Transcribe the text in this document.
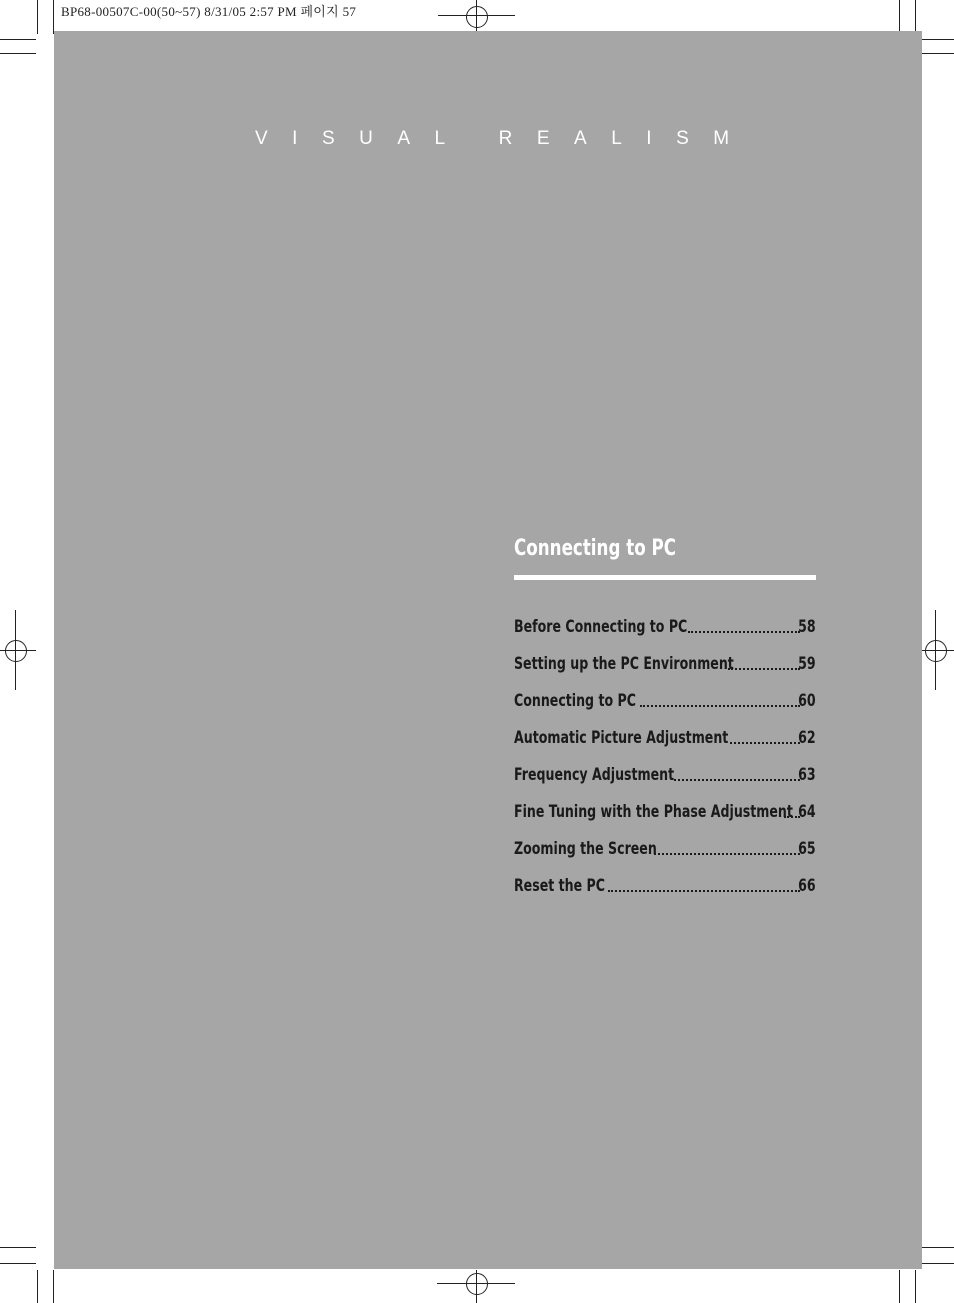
BP68-00507C-00(50~57) 8/31/05 2:57 PM 페이지 57
VISUAL REALISM
Connecting to PC
Before Connecting to PC	58
Setting up the PC Environment	59
Connecting to PC	60
Automatic Picture Adjustment	62
Frequency Adjustment	63
Fine Tuning with the Phase Adjustment 64
Zooming the Screen	65
Reset the PC	66
